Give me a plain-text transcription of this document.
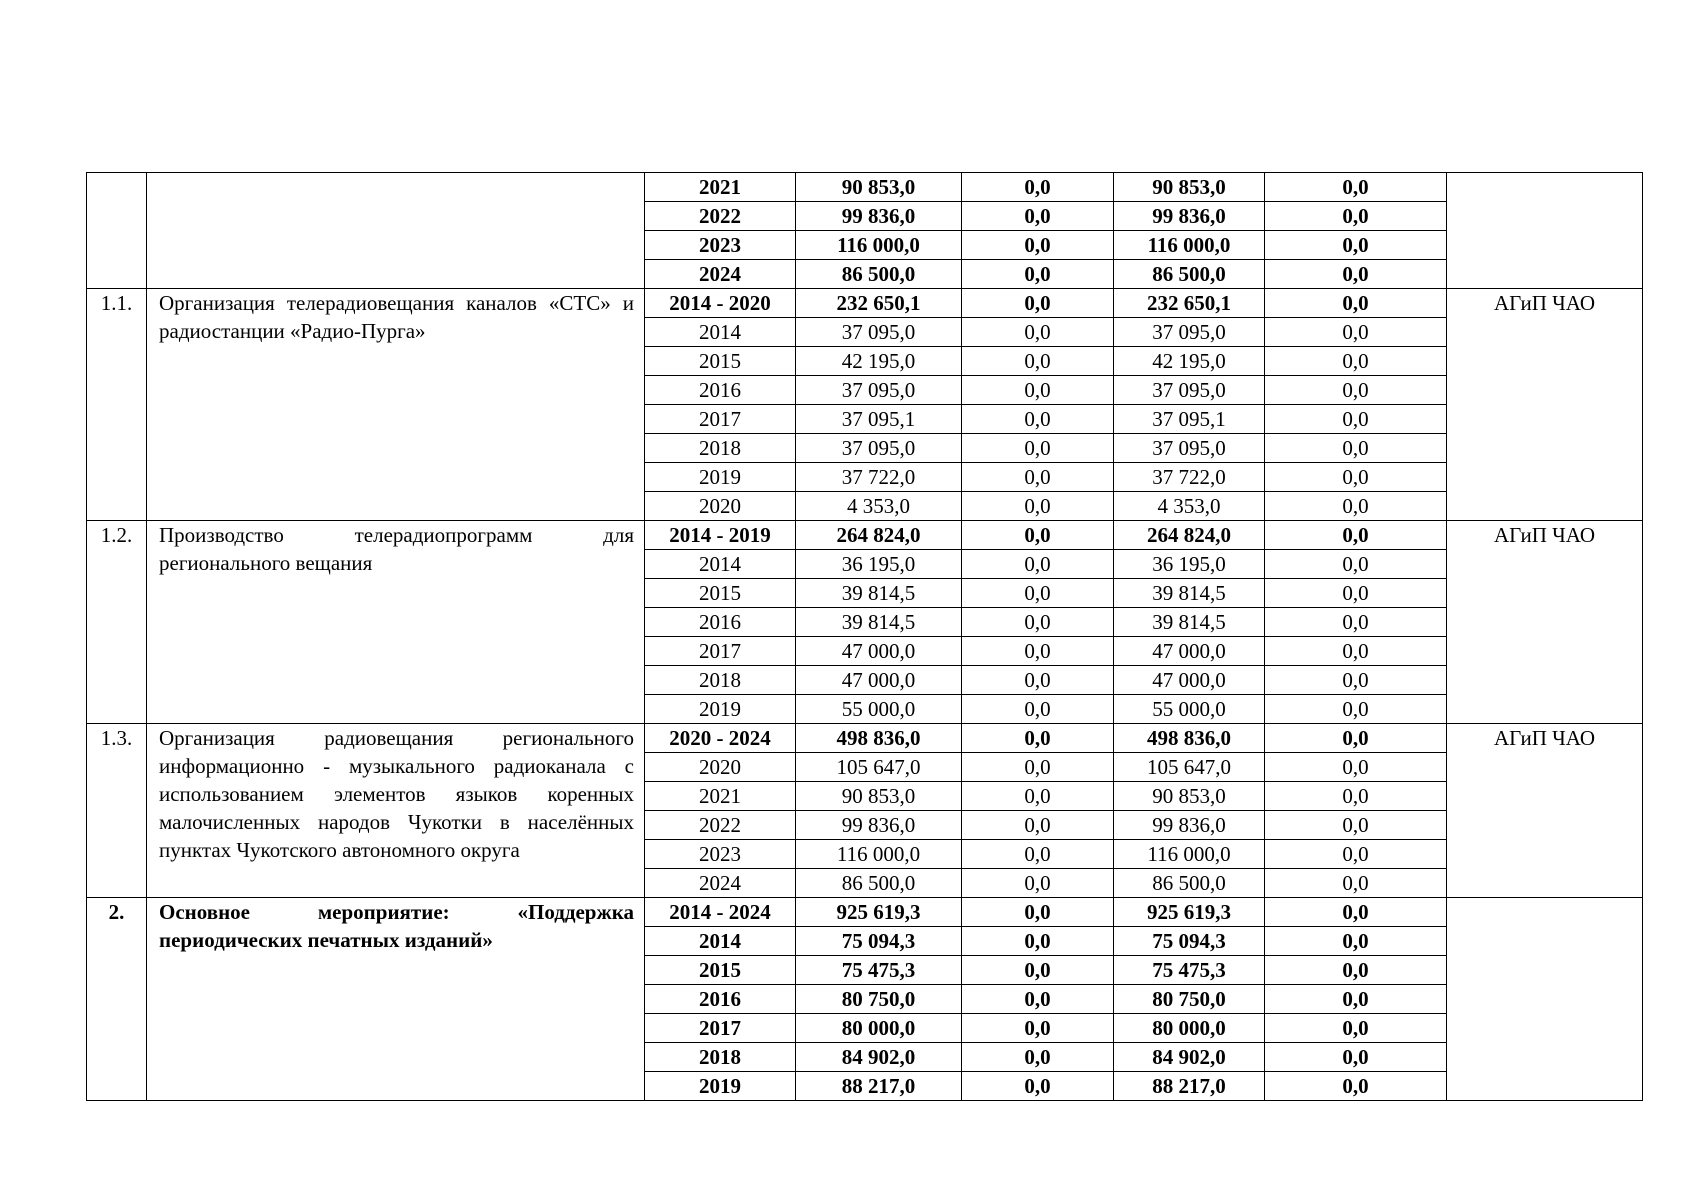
		2021	90 853,0	0,0	90 853,0	0,0	
		2022	99 836,0	0,0	99 836,0	0,0	
		2023	116 000,0	0,0	116 000,0	0,0	
		2024	86 500,0	0,0	86 500,0	0,0	
1.1.	Организация телерадиовещания каналов «СТС» и радиостанции «Радио-Пурга»	2014 - 2020	232 650,1	0,0	232 650,1	0,0	АГиП ЧАО
		2014	37 095,0	0,0	37 095,0	0,0	
		2015	42 195,0	0,0	42 195,0	0,0	
		2016	37 095,0	0,0	37 095,0	0,0	
		2017	37 095,1	0,0	37 095,1	0,0	
		2018	37 095,0	0,0	37 095,0	0,0	
		2019	37 722,0	0,0	37 722,0	0,0	
		2020	4 353,0	0,0	4 353,0	0,0	
1.2.	Производство телерадиопрограмм для регионального вещания	2014 - 2019	264 824,0	0,0	264 824,0	0,0	АГиП ЧАО
		2014	36 195,0	0,0	36 195,0	0,0	
		2015	39 814,5	0,0	39 814,5	0,0	
		2016	39 814,5	0,0	39 814,5	0,0	
		2017	47 000,0	0,0	47 000,0	0,0	
		2018	47 000,0	0,0	47 000,0	0,0	
		2019	55 000,0	0,0	55 000,0	0,0	
1.3.	Организация радиовещания регионального информационно - музыкального радиоканала с использованием элементов языков коренных малочисленных народов Чукотки в населённых пунктах Чукотского автономного округа	2020 - 2024	498 836,0	0,0	498 836,0	0,0	АГиП ЧАО
		2020	105 647,0	0,0	105 647,0	0,0	
		2021	90 853,0	0,0	90 853,0	0,0	
		2022	99 836,0	0,0	99 836,0	0,0	
		2023	116 000,0	0,0	116 000,0	0,0	
		2024	86 500,0	0,0	86 500,0	0,0	
2.	Основное мероприятие: «Поддержка периодических печатных изданий»	2014 - 2024	925 619,3	0,0	925 619,3	0,0	
		2014	75 094,3	0,0	75 094,3	0,0	
		2015	75 475,3	0,0	75 475,3	0,0	
		2016	80 750,0	0,0	80 750,0	0,0	
		2017	80 000,0	0,0	80 000,0	0,0	
		2018	84 902,0	0,0	84 902,0	0,0	
		2019	88 217,0	0,0	88 217,0	0,0	
